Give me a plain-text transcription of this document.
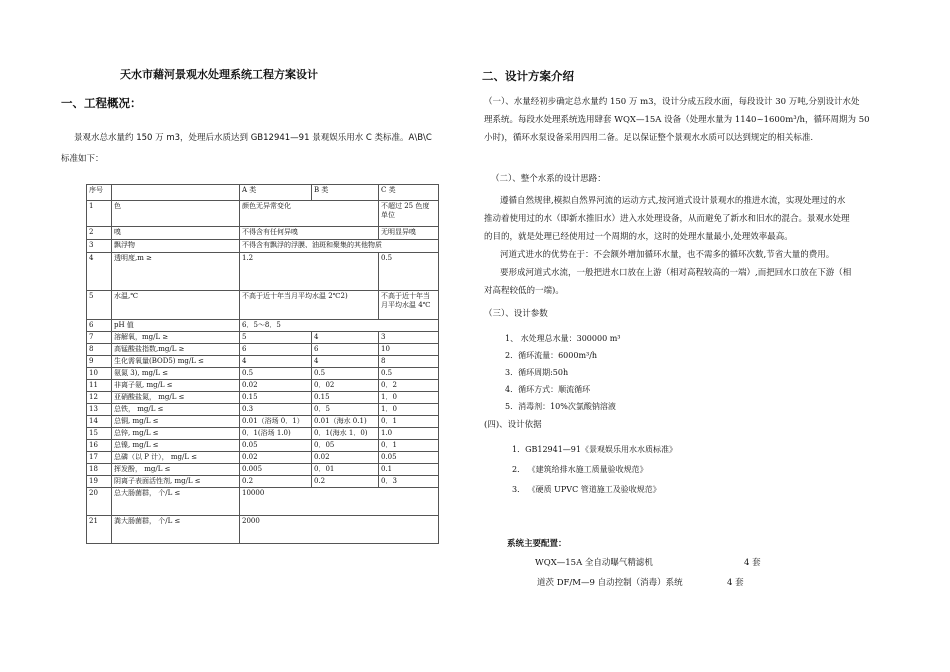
天水市藉河景观水处理系统工程方案设计
一、工程概况：
景观水总水量约 150 万 m3，处理后水质达到 GB12941—91 景观娱乐用水 C 类标准。A\B\C
标准如下：
序号		A 类	B 类	C 类
1	色	颜色无异常变化		不超过 25 色度单位
2	嗅	不得含有任何异嗅		无明显异嗅
3	飘浮物	不得含有飘浮的浮膜、油斑和聚集的其他物质		
4	透明度,m ≥	1.2		0.5
5	水温,℃	不高于近十年当月平均水温 2℃2)		不高于近十年当月平均水温 4℃
6	pH 值	6．5～8．5		
7	溶解氧，mg/L ≥	5	4	3
8	高锰酸盐指数,mg/L ≥	6	6	10
9	生化需氧量(BOD5) mg/L ≤	4	4	8
10	氨氮 3), mg/L ≤	0.5	0.5	0.5
11	非离子氨, mg/L ≤	0.02	0．02	0．2
12	亚硝酸盐氮， mg/L ≤	0.15	0.15	1．0
13	总铁， mg/L ≤	0.3	0．5	1．0
14	总铜, mg/L ≤	0.01（浴场 0．1）	0.01（海水 0.1)	0．1
15	总锌, mg/L ≤	0．1(浴场 1.0)	0．1(海水 1．0)	1.0
16	总镍, mg/L ≤	0.05	0．05	0．1
17	总磷（以 P 计）， mg/L ≤	0.02	0.02	0.05
18	挥发酚， mg/L ≤	0.005	0．01	0.1
19	阴离子表面活性剂, mg/L ≤	0.2	0.2	0．3
20	总大肠菌群， 个/L ≤	10000		
21	粪大肠菌群， 个/L ≤	2000		
二、设计方案介绍
（一）、水量经初步确定总水量约 150 万 m3，设计分成五段水面，每段设计 30 万吨,分别设计水处
理系统。每段水处理系统选用肆套 WQX—15A 设备（处理水量为 1140~1600m³/h，循环周期为 50
小时)，循环水泵设备采用四用二备。足以保证整个景观水水质可以达到规定的相关标准.
（二）、整个水系的设计思路：
遵循自然规律,模拟自然界河流的运动方式,按河道式设计景观水的推进水流，实现处理过的水
推动着使用过的水（即新水推旧水）进入水处理设备，从而避免了新水和旧水的混合。景观水处理
的目的，就是处理已经使用过一个周期的水，这时的处理水量最小,处理效率最高。
河道式进水的优势在于：不会额外增加循环水量，也不需多的循环次数,节省大量的费用。
要形成河道式水流，一般把进水口放在上游（相对高程较高的一端）,而把回水口放在下游（相
对高程较低的一端)。
（三）、设计参数
1、 水处理总水量：300000 m³
2．循环流量：6000m³/h
3．循环周期:50h
4．循环方式：顺流循环
5．消毒剂：10%次氯酸钠溶液
(四)、设计依据
1．GB12941—91《景观娱乐用水水质标准》
2． 《建筑给排水施工质量验收规范》
3． 《硬质 UPVC 管道施工及验收规范》
系统主要配置：
WQX—15A 全自动曝气精滤机	4 套
道茨 DF/M—9 自动控制（消毒）系统	4 套
